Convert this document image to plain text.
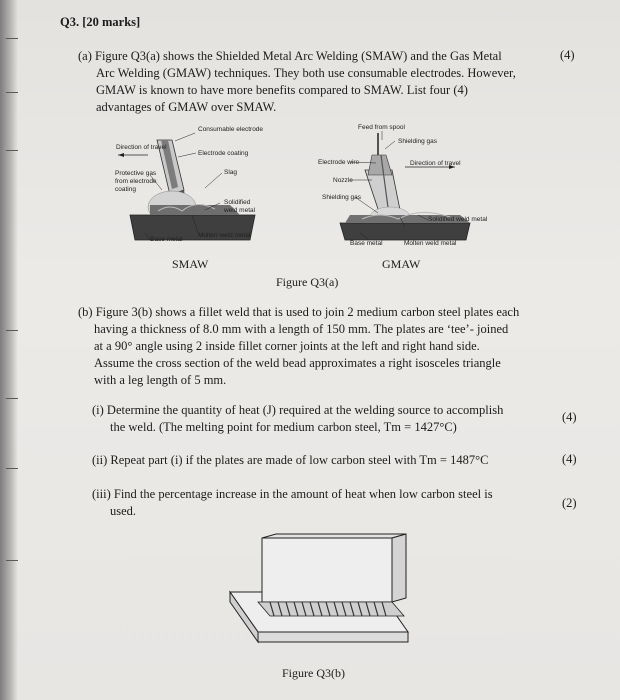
Q3. [20 marks]
(a) Figure Q3(a) shows the Shielded Metal Arc Welding (SMAW) and the Gas Metal
Arc Welding (GMAW) techniques. They both use consumable electrodes. However,
GMAW is known to have more benefits compared to SMAW. List four (4)
advantages of GMAW over SMAW.
(4)
Consumable electrode
Direction of travel
Electrode coating
Protective gas
from electrode
coating
Slag
Solidified
weld metal
Base metal
Molten weld metal
Feed from spool
Shielding gas
Electrode wire	Direction of travel
Nozzle
Shielding gas
Solidified weld metal
Base metal	Molten weld metal
SMAW	GMAW
Figure Q3(a)
(b) Figure 3(b) shows a fillet weld that is used to join 2 medium carbon steel plates each
having a thickness of 8.0 mm with a length of 150 mm. The plates are ‘tee’- joined
at a 90° angle using 2 inside fillet corner joints at the left and right hand side.
Assume the cross section of the weld bead approximates a right isosceles triangle
with a leg length of 5 mm.
(i) Determine the quantity of heat (J) required at the welding source to accomplish
the weld. (The melting point for medium carbon steel, Tm = 1427°C)
(4)
(ii) Repeat part (i) if the plates are made of low carbon steel with Tm = 1487°C	(4)
(iii) Find the percentage increase in the amount of heat when low carbon steel is
used.
(2)
Figure Q3(b)
